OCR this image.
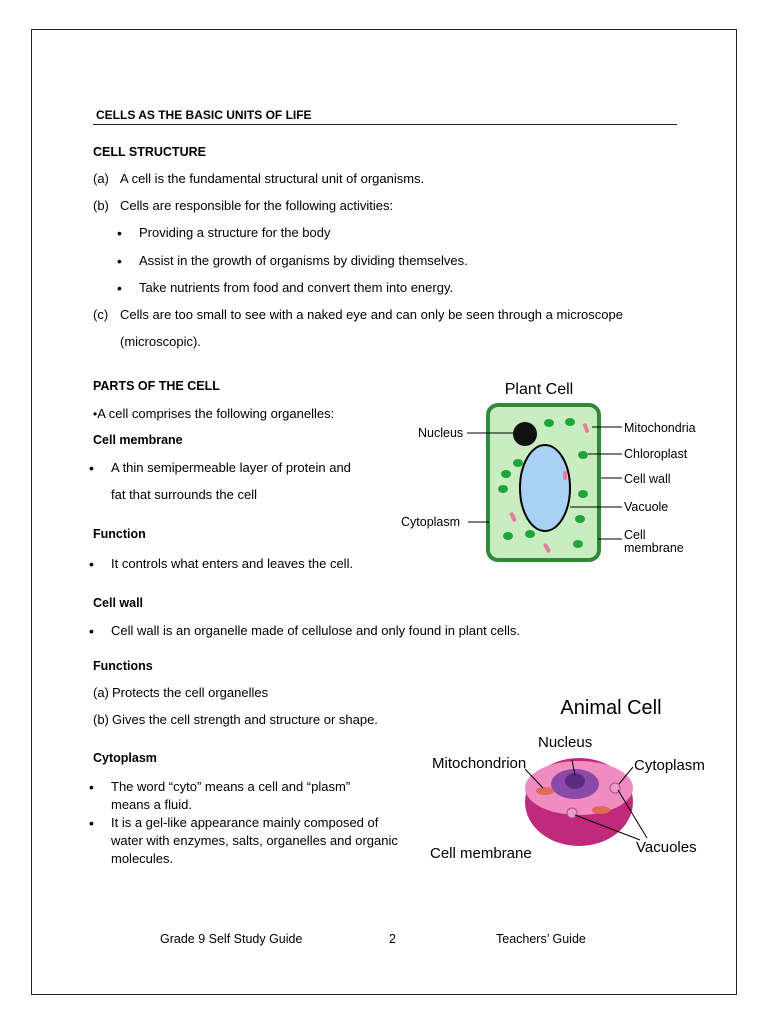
CELLS AS THE BASIC UNITS OF LIFE
CELL STRUCTURE
(a) A cell is the fundamental structural unit of organisms.
(b) Cells are responsible for the following activities:
• Providing a structure for the body
• Assist in the growth of organisms by dividing themselves.
• Take nutrients from food and convert them into energy.
(c) Cells are too small to see with a naked eye and can only be seen through a microscope
(microscopic).
PARTS OF THE CELL
•A cell comprises the following organelles:
Cell membrane
• A thin semipermeable layer of protein and
fat that surrounds the cell
Function
• It controls what enters and leaves the cell.
Cell wall
• Cell wall is an organelle made of cellulose and only found in plant cells.
Functions
(a) Protects the cell organelles
(b) Gives the cell strength and structure or shape.
Cytoplasm
• The word “cyto” means a cell and “plasm” means a fluid.
• It is a gel-like appearance mainly composed of water with enzymes, salts, organelles and organic molecules.
Plant Cell
Nucleus
Cytoplasm
Mitochondria
Chloroplast
Cell wall
Vacuole
Cell
membrane
Animal Cell
Nucleus
Mitochondrion	Cytoplasm
Cell membrane	Vacuoles
Grade 9 Self Study Guide	2	Teachers’ Guide
